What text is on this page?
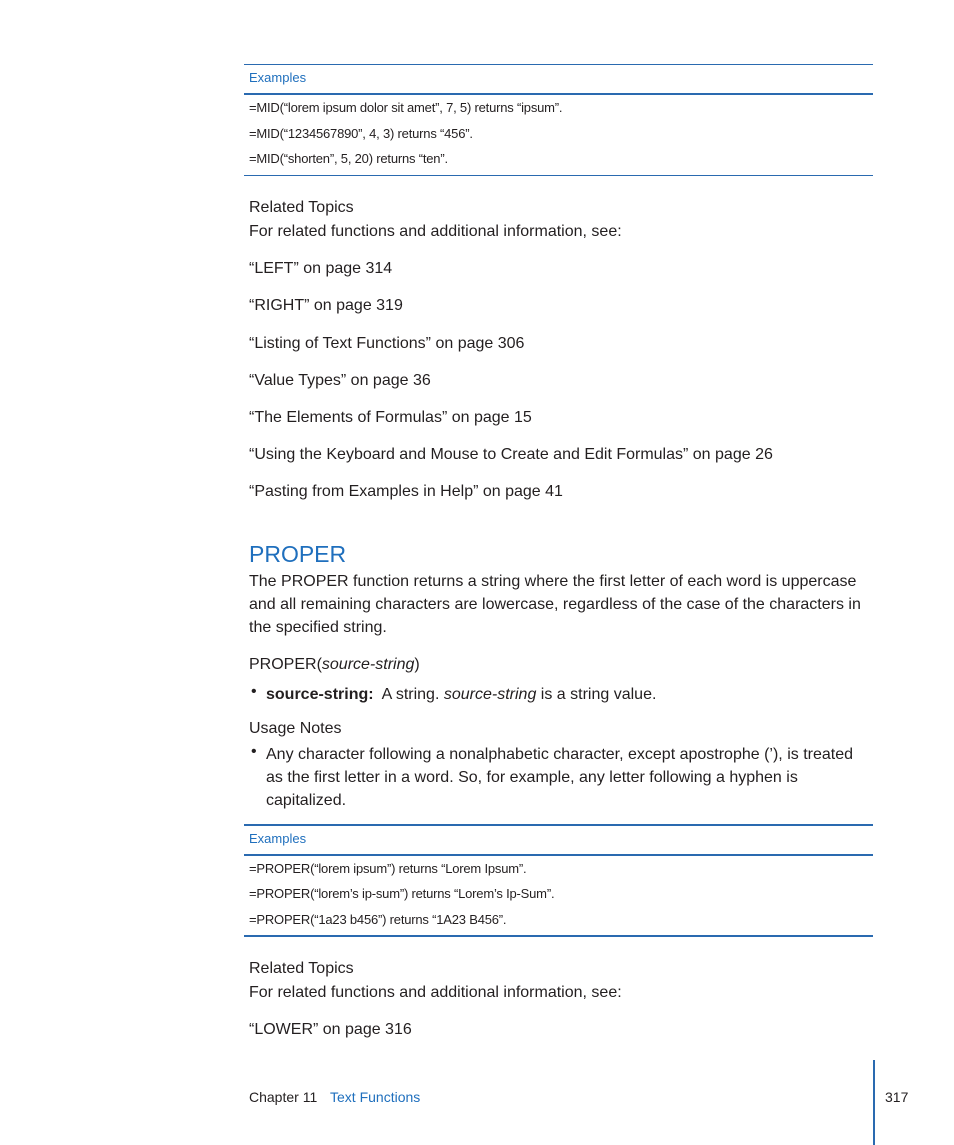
Examples
=MID(“lorem ipsum dolor sit amet”, 7, 5) returns “ipsum”.
=MID(“1234567890”, 4, 3) returns “456”.
=MID(“shorten”, 5, 20) returns “ten”.
Related Topics
For related functions and additional information, see:
“LEFT” on page 314
“RIGHT” on page 319
“Listing of Text Functions” on page 306
“Value Types” on page 36
“The Elements of Formulas” on page 15
“Using the Keyboard and Mouse to Create and Edit Formulas” on page 26
“Pasting from Examples in Help” on page 41
PROPER
The PROPER function returns a string where the first letter of each word is uppercase and all remaining characters are lowercase, regardless of the case of the characters in the specified string.
PROPER(source-string)
• source-string: A string. source-string is a string value.
Usage Notes
• Any character following a nonalphabetic character, except apostrophe (’), is treated as the first letter in a word. So, for example, any letter following a hyphen is capitalized.
Examples
=PROPER(“lorem ipsum”) returns “Lorem Ipsum”.
=PROPER(“lorem’s ip-sum”) returns “Lorem’s Ip-Sum”.
=PROPER(“1a23 b456”) returns “1A23 B456”.
Related Topics
For related functions and additional information, see:
“LOWER” on page 316
Chapter 11 Text Functions	317
